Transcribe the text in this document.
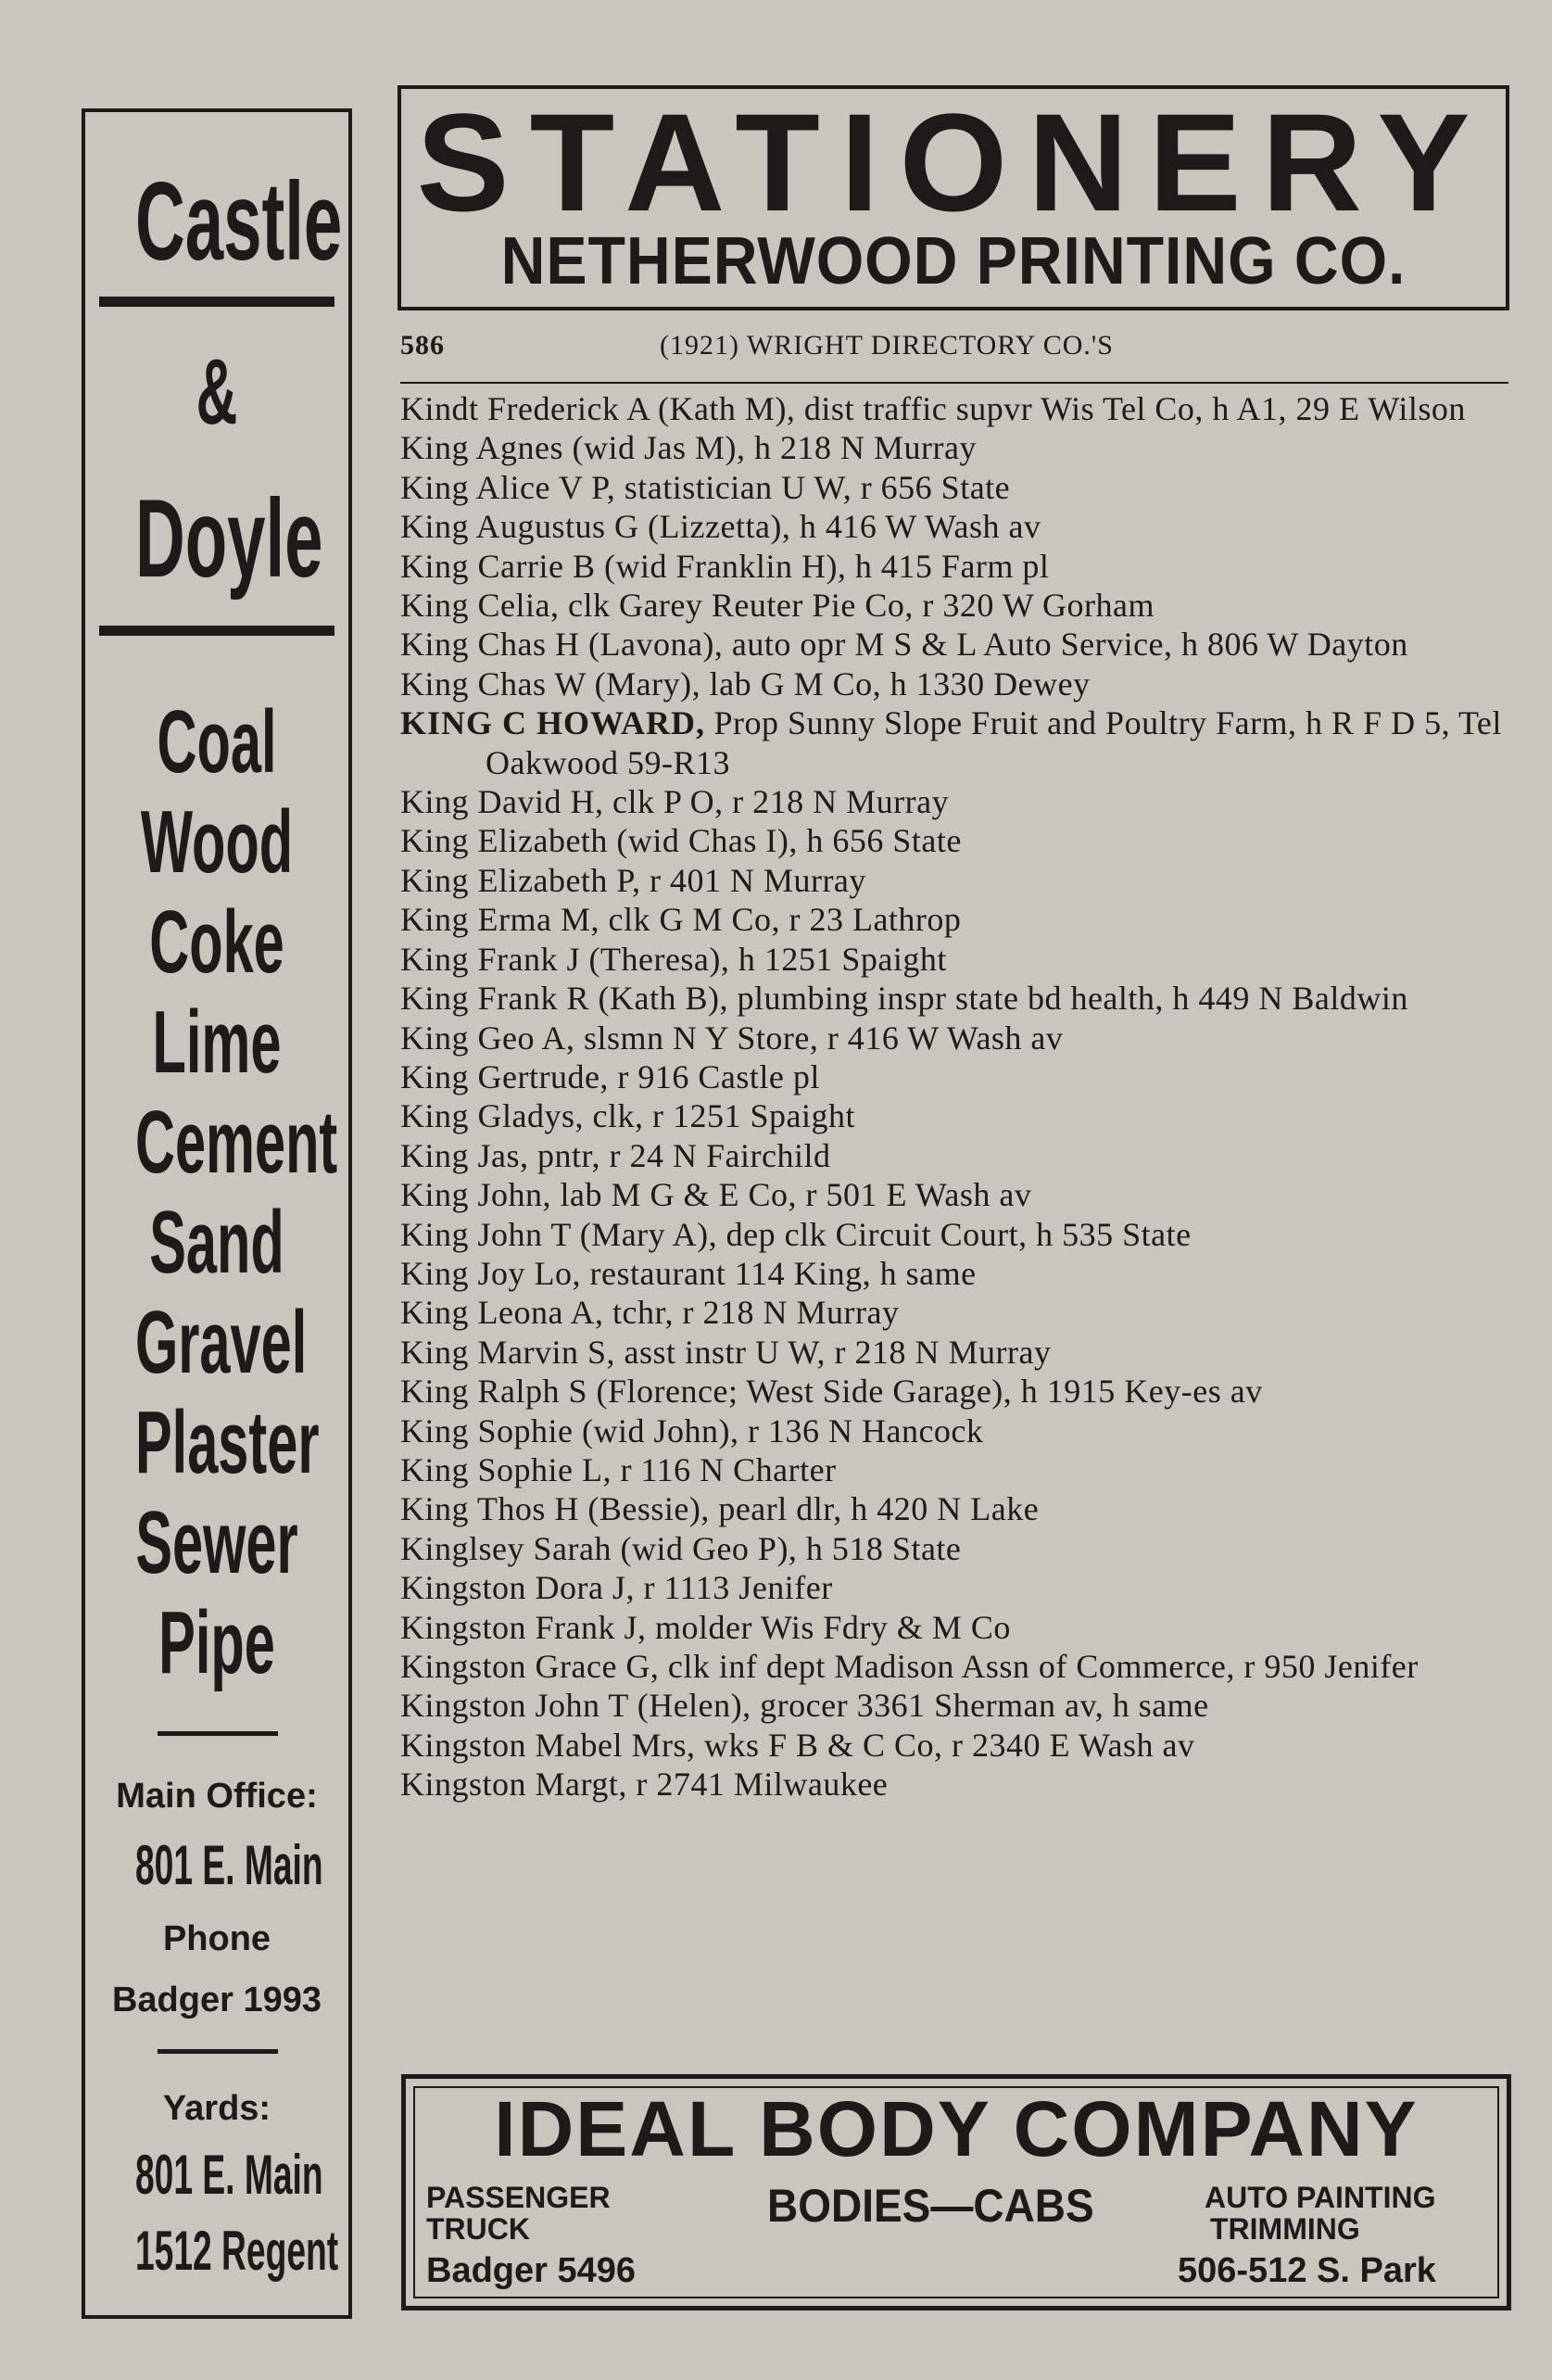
Castle
&
Doyle
Coal
Wood
Coke
Lime
Cement
Sand
Gravel
Plaster
Sewer
Pipe
Main Office:
801 E. Main
Phone
Badger 1993
Yards:
801 E. Main
1512 Regent
STATIONERY
NETHERWOOD PRINTING CO.
586	(1921) WRIGHT DIRECTORY CO.'S

Kindt Frederick A (Kath M), dist traffic supvr Wis Tel Co, h A1, 29 E Wilson

King Agnes (wid Jas M), h 218 N Murray

King Alice V P, statistician U W, r 656 State

King Augustus G (Lizzetta), h 416 W Wash av

King Carrie B (wid Franklin H), h 415 Farm pl

King Celia, clk Garey Reuter Pie Co, r 320 W Gorham

King Chas H (Lavona), auto opr M S & L Auto Service, h 806 W Dayton

King Chas W (Mary), lab G M Co, h 1330 Dewey

KING C HOWARD, Prop Sunny Slope Fruit and Poultry Farm, h R F D 5, Tel Oakwood 59-R13

King David H, clk P O, r 218 N Murray

King Elizabeth (wid Chas I), h 656 State

King Elizabeth P, r 401 N Murray

King Erma M, clk G M Co, r 23 Lathrop

King Frank J (Theresa), h 1251 Spaight

King Frank R (Kath B), plumbing inspr state bd health, h 449 N Baldwin

King Geo A, slsmn N Y Store, r 416 W Wash av

King Gertrude, r 916 Castle pl

King Gladys, clk, r 1251 Spaight

King Jas, pntr, r 24 N Fairchild

King John, lab M G & E Co, r 501 E Wash av

King John T (Mary A), dep clk Circuit Court, h 535 State

King Joy Lo, restaurant 114 King, h same

King Leona A, tchr, r 218 N Murray

King Marvin S, asst instr U W, r 218 N Murray

King Ralph S (Florence; West Side Garage), h 1915 Key-es av

King Sophie (wid John), r 136 N Hancock

King Sophie L, r 116 N Charter

King Thos H (Bessie), pearl dlr, h 420 N Lake

Kinglsey Sarah (wid Geo P), h 518 State

Kingston Dora J, r 1113 Jenifer

Kingston Frank J, molder Wis Fdry & M Co

Kingston Grace G, clk inf dept Madison Assn of Commerce, r 950 Jenifer

Kingston John T (Helen), grocer 3361 Sherman av, h same

Kingston Mabel Mrs, wks F B & C Co, r 2340 E Wash av

Kingston Margt, r 2741 Milwaukee

IDEAL BODY COMPANY
PASSENGER
TRUCK
Badger 5496
BODIES—CABS	AUTO PAINTING
TRIMMING
506-512 S. Park
